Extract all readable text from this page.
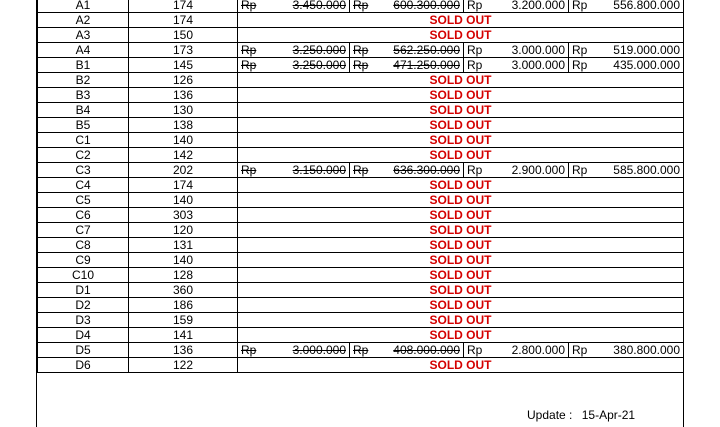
A1	174	Rp	3.450.000	Rp	600.300.000	Rp	3.200.000	Rp	556.800.000
A2	174	SOLD OUT							
A3	150	SOLD OUT							
A4	173	Rp	3.250.000	Rp	562.250.000	Rp	3.000.000	Rp	519.000.000
B1	145	Rp	3.250.000	Rp	471.250.000	Rp	3.000.000	Rp	435.000.000
B2	126	SOLD OUT							
B3	136	SOLD OUT							
B4	130	SOLD OUT							
B5	138	SOLD OUT							
C1	140	SOLD OUT							
C2	142	SOLD OUT							
C3	202	Rp	3.150.000	Rp	636.300.000	Rp	2.900.000	Rp	585.800.000
C4	174	SOLD OUT							
C5	140	SOLD OUT							
C6	303	SOLD OUT							
C7	120	SOLD OUT							
C8	131	SOLD OUT							
C9	140	SOLD OUT							
C10	128	SOLD OUT							
D1	360	SOLD OUT							
D2	186	SOLD OUT							
D3	159	SOLD OUT							
D4	141	SOLD OUT							
D5	136	Rp	3.000.000	Rp	408.000.000	Rp	2.800.000	Rp	380.800.000
D6	122	SOLD OUT							
Update : 15-Apr-21
